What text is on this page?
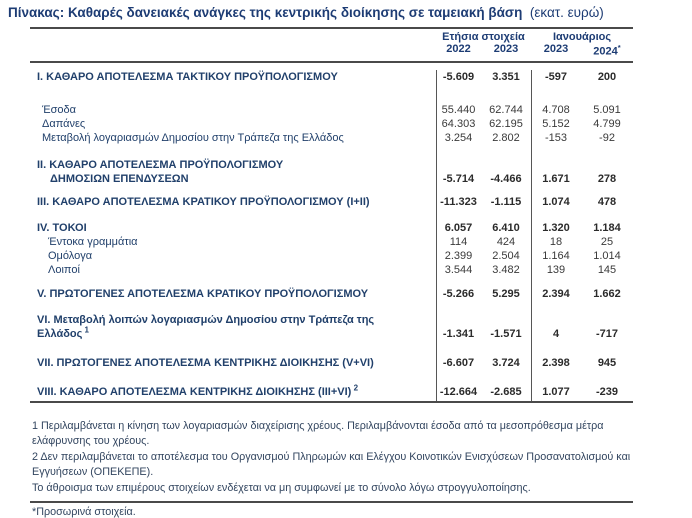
Πίνακας: Καθαρές δανειακές ανάγκες της κεντρικής διοίκησης σε ταμειακή βάση (εκατ. ευρώ)
Ετήσια στοιχεία	Ιανουάριος
2022	2023	2023	2024*
Ι. ΚΑΘΑΡΟ ΑΠΟΤΕΛΕΣΜΑ ΤΑΚΤΙΚΟΥ ΠΡΟΫΠΟΛΟΓΙΣΜΟΥ	-5.609	3.351	-597	200
Έσοδα	55.440	62.744	4.708	5.091
Δαπάνες	64.303	62.195	5.152	4.799
Μεταβολή λογαριασμών Δημοσίου στην Τράπεζα της Ελλάδος	3.254	2.802	-153	-92
ΙΙ. ΚΑΘΑΡΟ ΑΠΟΤΕΛΕΣΜΑ ΠΡΟΫΠΟΛΟΓΙΣΜΟΥ
ΔΗΜΟΣΙΩΝ ΕΠΕΝΔΥΣΕΩΝ	-5.714	-4.466	1.671	278
ΙΙΙ. ΚΑΘΑΡΟ ΑΠΟΤΕΛΕΣΜΑ ΚΡΑΤΙΚΟΥ ΠΡΟΫΠΟΛΟΓΙΣΜΟΥ (Ι+ΙΙ)	-11.323	-1.115	1.074	478
ΙV. ΤΟΚΟΙ	6.057	6.410	1.320	1.184
Έντοκα γραμμάτια	114	424	18	25
Ομόλογα	2.399	2.504	1.164	1.014
Λοιποί	3.544	3.482	139	145
V. ΠΡΩΤΟΓΕΝΕΣ ΑΠΟΤΕΛΕΣΜΑ ΚΡΑΤΙΚΟΥ ΠΡΟΫΠΟΛΟΓΙΣΜΟΥ	-5.266	5.295	2.394	1.662
VΙ. Μεταβολή λοιπών λογαριασμών Δημοσίου στην Τράπεζα της Ελλάδος $^1$	-1.341	-1.571	4	-717
VΙΙ. ΠΡΩΤΟΓΕΝΕΣ ΑΠΟΤΕΛΕΣΜΑ ΚΕΝΤΡΙΚΗΣ ΔΙΟΙΚΗΣΗΣ (V+VΙ)	-6.607	3.724	2.398	945
VΙΙΙ. ΚΑΘΑΡΟ ΑΠΟΤΕΛΕΣΜΑ ΚΕΝΤΡΙΚΗΣ ΔΙΟΙΚΗΣΗΣ (ΙΙΙ+VΙ) $^2$	-12.664	-2.685	1.077	-239

1 Περιλαμβάνεται η κίνηση των λογαριασμών διαχείρισης χρέους. Περιλαμβάνονται έσοδα από τα μεσοπρόθεσμα μέτρα ελάφρυνσης του χρέους.

2 Δεν περιλαμβάνεται το αποτέλεσμα του Οργανισμού Πληρωμών και Ελέγχου Κοινοτικών Ενισχύσεων Προσανατολισμού και Εγγυήσεων (ΟΠΕΚΕΠΕ).

Το άθροισμα των επιμέρους στοιχείων ενδέχεται να μη συμφωνεί με το σύνολο λόγω στρογγυλοποίησης.

*Προσωρινά στοιχεία.
